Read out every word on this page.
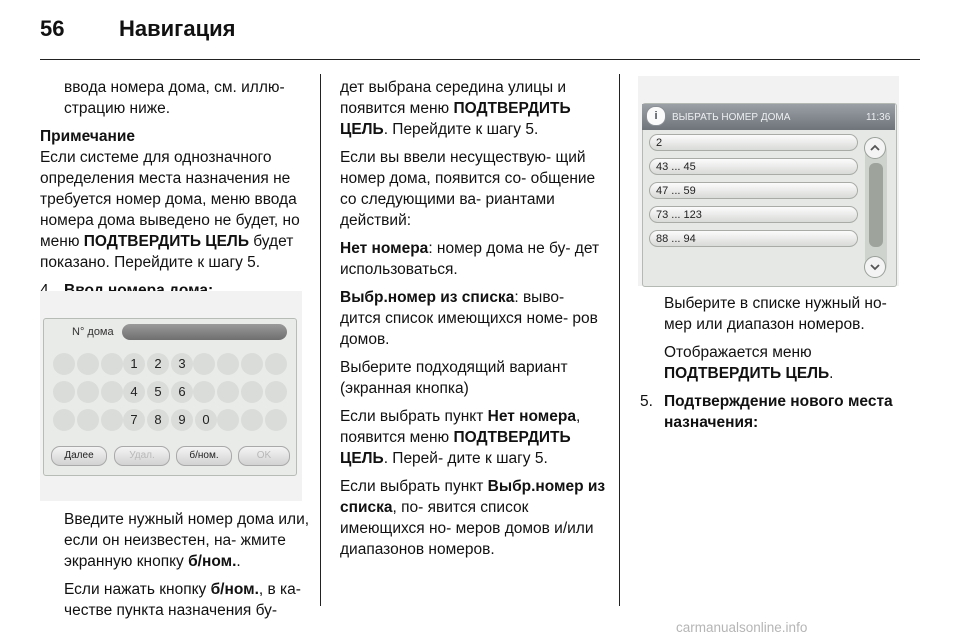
56 Навигация

ввода номера дома, см. иллю- страцию ниже.

Примечание
Если системе для однозначного определения места назначения не требуется номер дома, меню ввода номера дома выведено не будет, но меню ПОДТВЕРДИТЬ ЦЕЛЬ будет показано. Перейдите к шагу 5.
N° дома
1	2	3
4	5	6
7	8	9	0
Далее	Удал.	б/ном.	OK

Введите нужный номер дома или, если он неизвестен, на- жмите экранную кнопку б/ном..

Если нажать кнопку б/ном., в ка- честве пункта назначения бу-

дет выбрана середина улицы и появится меню ПОДТВЕРДИТЬ ЦЕЛЬ. Перейдите к шагу 5.

Если вы ввели несуществую- щий номер дома, появится со- общение со следующими ва- риантами действий:

Нет номера: номер дома не бу- дет использоваться.

Выбр.номер из списка: выво- дится список имеющихся номе- ров домов.

Выберите подходящий вариант (экранная кнопка)

Если выбрать пункт Нет номера, появится меню ПОДТВЕРДИТЬ ЦЕЛЬ. Перей- дите к шагу 5.

Если выбрать пункт Выбр.номер из списка, по- явится список имеющихся но- меров домов и/или диапазонов номеров.

i	ВЫБРАТЬ НОМЕР ДОМА	11:36
2
43 ... 45
47 ... 59
73 ... 123
88 ... 94

Выберите в списке нужный но- мер или диапазон номеров.

Отображается меню ПОДТВЕРДИТЬ ЦЕЛЬ.

5. Подтверждение нового места назначения:
carmanualsonline.info
